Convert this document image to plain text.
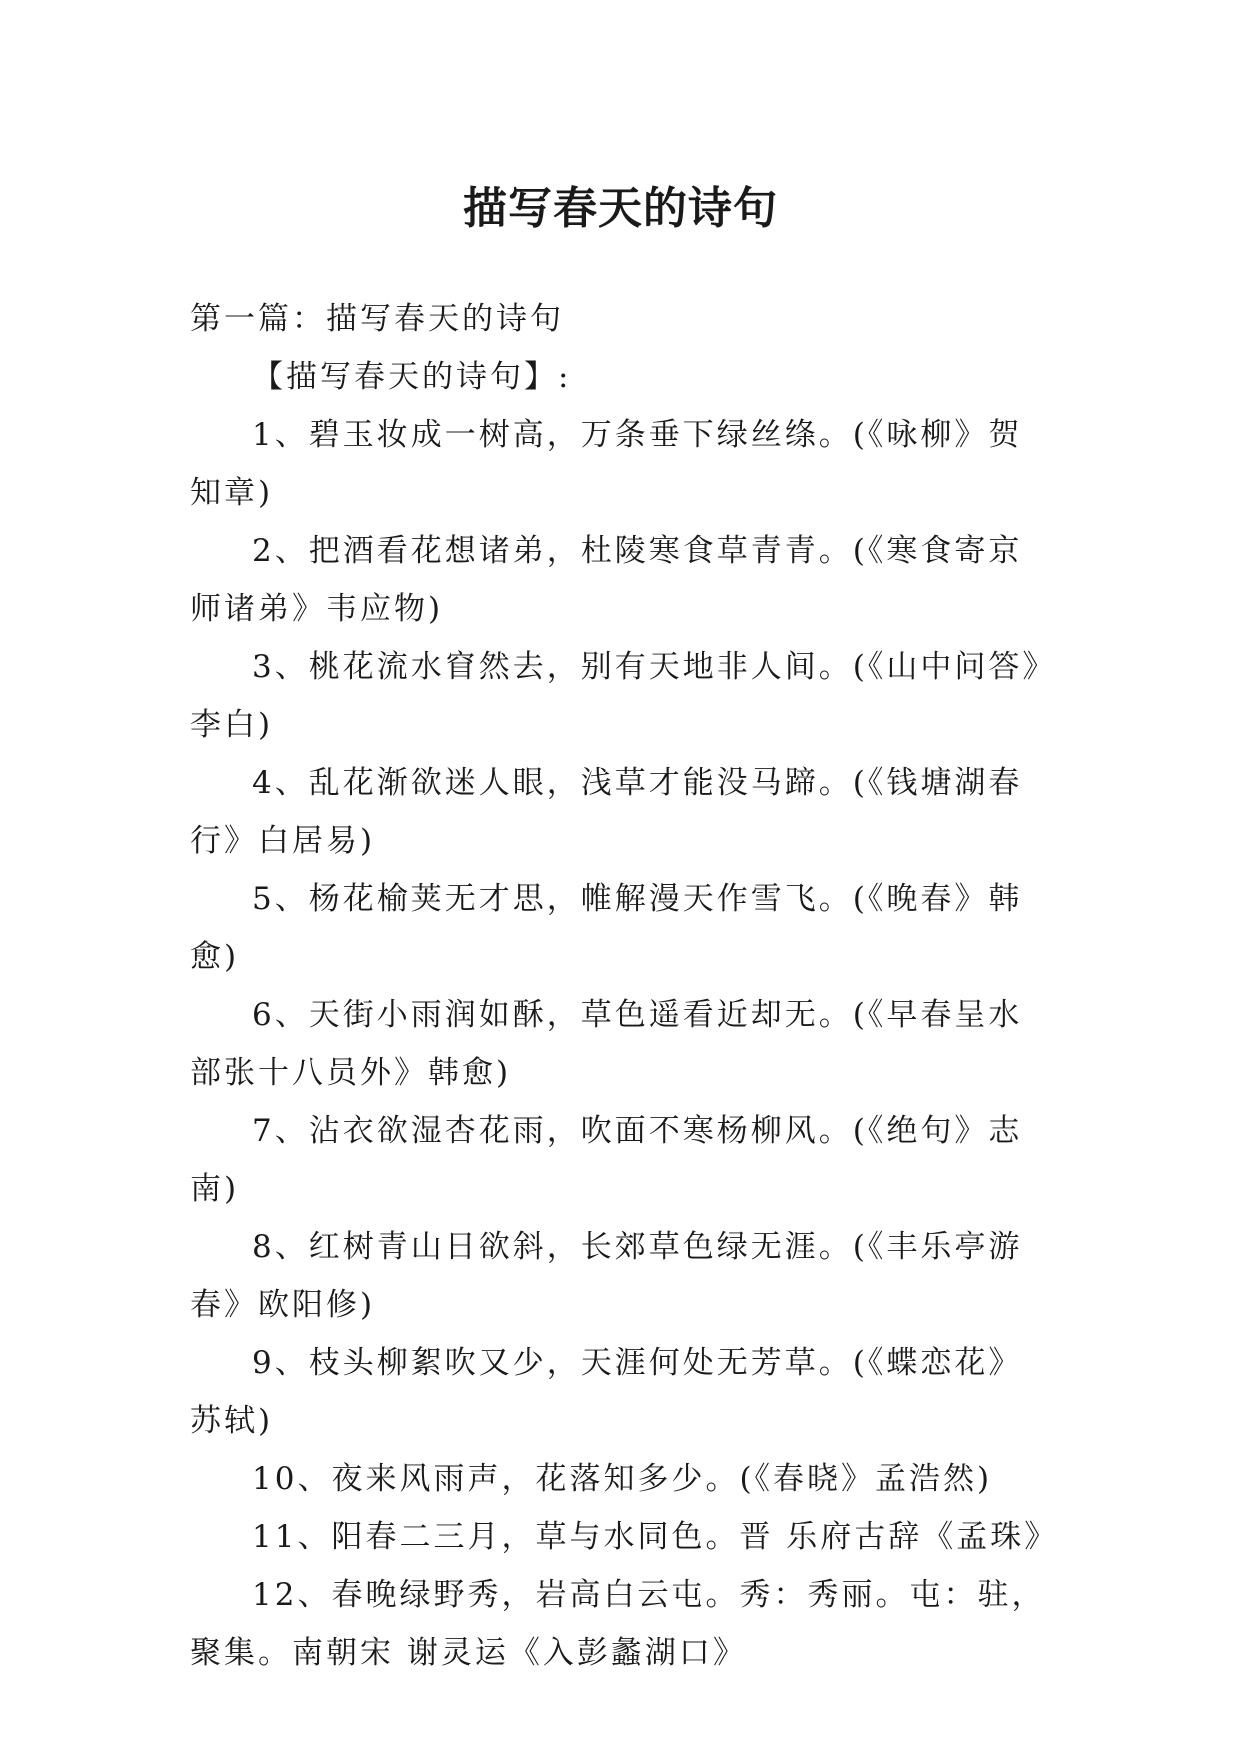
描写春天的诗句

第一篇：描写春天的诗句

【描写春天的诗句】:

1、碧玉妆成一树高，万条垂下绿丝绦。(《咏柳》贺知章)
2、把酒看花想诸弟，杜陵寒食草青青。(《寒食寄京师诸弟》韦应物)
3、桃花流水窅然去，别有天地非人间。(《山中问答》李白)
4、乱花渐欲迷人眼，浅草才能没马蹄。(《钱塘湖春行》白居易)
5、杨花榆荚无才思，帷解漫天作雪飞。(《晚春》韩愈)
6、天街小雨润如酥，草色遥看近却无。(《早春呈水部张十八员外》韩愈)
7、沾衣欲湿杏花雨，吹面不寒杨柳风。(《绝句》志南)
8、红树青山日欲斜，长郊草色绿无涯。(《丰乐亭游春》欧阳修)
9、枝头柳絮吹又少，天涯何处无芳草。(《蝶恋花》苏轼)
10、夜来风雨声，花落知多少。(《春晓》孟浩然)
11、阳春二三月，草与水同色。晋 乐府古辞《孟珠》
12、春晚绿野秀，岩高白云屯。秀：秀丽。屯：驻，聚集。南朝宋 谢灵运《入彭蠡湖口》
